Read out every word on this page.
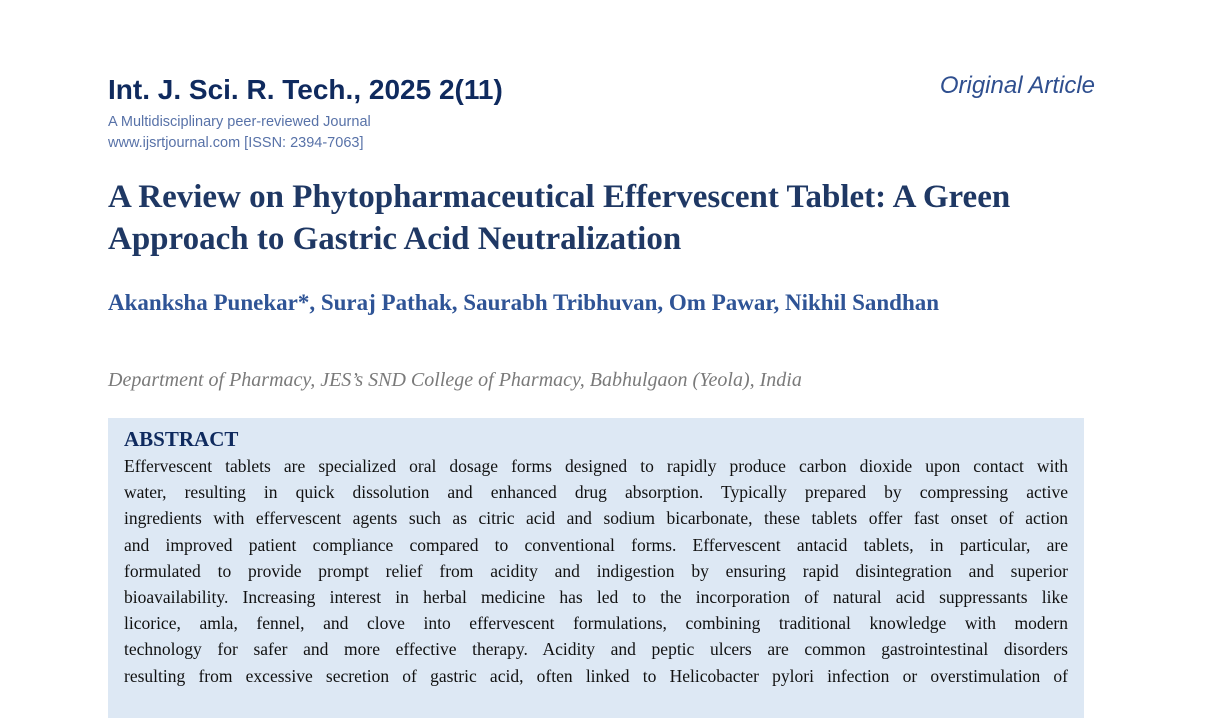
Int. J. Sci. R. Tech., 2025 2(11)
A Multidisciplinary peer-reviewed Journal
www.ijsrtjournal.com [ISSN: 2394-7063]
Original Article
A Review on Phytopharmaceutical Effervescent Tablet: A Green Approach to Gastric Acid Neutralization
Akanksha Punekar*, Suraj Pathak, Saurabh Tribhuvan, Om Pawar, Nikhil Sandhan
Department of Pharmacy, JES’s SND College of Pharmacy, Babhulgaon (Yeola), India
ABSTRACT
Effervescent tablets are specialized oral dosage forms designed to rapidly produce carbon dioxide upon contact with
water, resulting in quick dissolution and enhanced drug absorption. Typically prepared by compressing active
ingredients with effervescent agents such as citric acid and sodium bicarbonate, these tablets offer fast onset of action
and improved patient compliance compared to conventional forms. Effervescent antacid tablets, in particular, are
formulated to provide prompt relief from acidity and indigestion by ensuring rapid disintegration and superior
bioavailability. Increasing interest in herbal medicine has led to the incorporation of natural acid suppressants like
licorice, amla, fennel, and clove into effervescent formulations, combining traditional knowledge with modern
technology for safer and more effective therapy. Acidity and peptic ulcers are common gastrointestinal disorders
resulting from excessive secretion of gastric acid, often linked to Helicobacter pylori infection or overstimulation of
